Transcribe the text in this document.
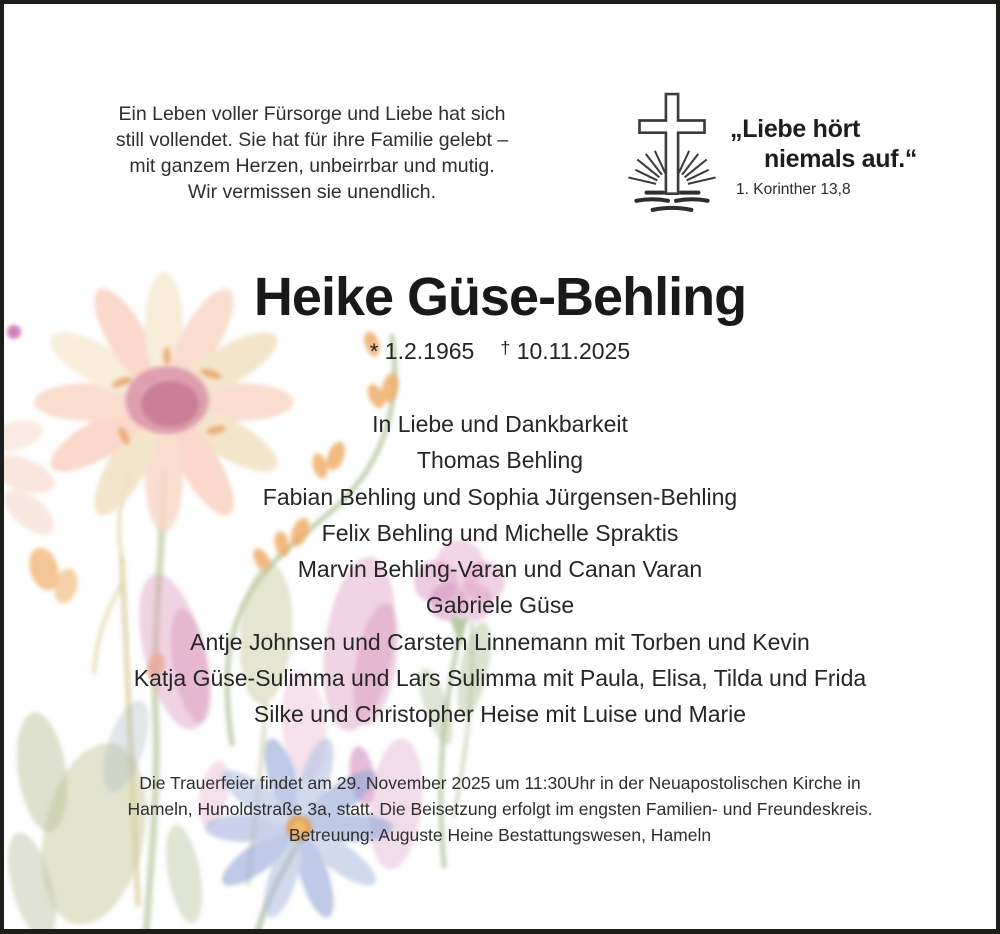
Ein Leben voller Fürsorge und Liebe hat sich
still vollendet. Sie hat für ihre Familie gelebt –
mit ganzem Herzen, unbeirrbar und mutig.
Wir vermissen sie unendlich.
„Liebe hört
niemals auf.“
1. Korinther 13,8
Heike Güse-Behling
* 1.2.1965 † 10.11.2025
In Liebe und Dankbarkeit
Thomas Behling
Fabian Behling und Sophia Jürgensen-Behling
Felix Behling und Michelle Spraktis
Marvin Behling-Varan und Canan Varan
Gabriele Güse
Antje Johnsen und Carsten Linnemann mit Torben und Kevin
Katja Güse-Sulimma und Lars Sulimma mit Paula, Elisa, Tilda und Frida
Silke und Christopher Heise mit Luise und Marie
Die Trauerfeier findet am 29. November 2025 um 11:30Uhr in der Neuapostolischen Kirche in
Hameln, Hunoldstraße 3a, statt. Die Beisetzung erfolgt im engsten Familien- und Freundeskreis.
Betreuung: Auguste Heine Bestattungswesen, Hameln
